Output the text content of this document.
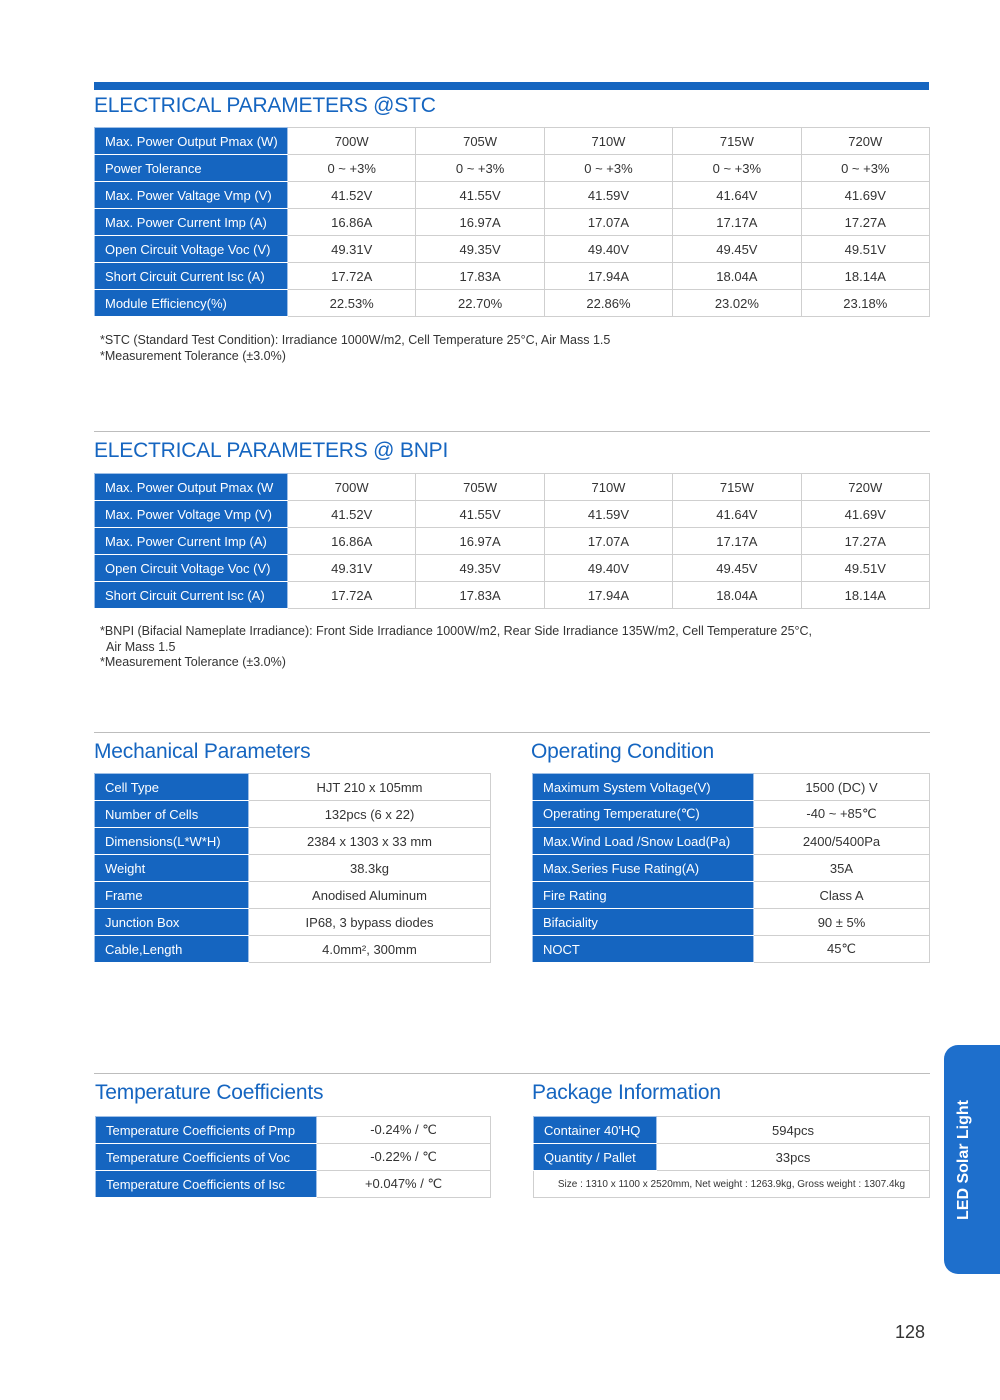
ELECTRICAL PARAMETERS @STC
Max. Power Output Pmax (W)	700W	705W	710W	715W	720W
Power Tolerance	0 ~ +3%	0 ~ +3%	0 ~ +3%	0 ~ +3%	0 ~ +3%
Max. Power Valtage Vmp (V)	41.52V	41.55V	41.59V	41.64V	41.69V
Max. Power Current Imp (A)	16.86A	16.97A	17.07A	17.17A	17.27A
Open Circuit Voltage Voc (V)	49.31V	49.35V	49.40V	49.45V	49.51V
Short Circuit Current Isc (A)	17.72A	17.83A	17.94A	18.04A	18.14A
Module Efficiency(%)	22.53%	22.70%	22.86%	23.02%	23.18%
*STC (Standard Test Condition): Irradiance 1000W/m2, Cell Temperature 25°C, Air Mass 1.5
*Measurement Tolerance (±3.0%)
ELECTRICAL PARAMETERS @ BNPI
Max. Power Output Pmax (W	700W	705W	710W	715W	720W
Max. Power Voltage Vmp (V)	41.52V	41.55V	41.59V	41.64V	41.69V
Max. Power Current Imp (A)	16.86A	16.97A	17.07A	17.17A	17.27A
Open Circuit Voltage Voc (V)	49.31V	49.35V	49.40V	49.45V	49.51V
Short Circuit Current Isc (A)	17.72A	17.83A	17.94A	18.04A	18.14A
*BNPI (Bifacial Nameplate Irradiance): Front Side Irradiance 1000W/m2, Rear Side Irradiance 135W/m2, Cell Temperature 25°C,
Air Mass 1.5
*Measurement Tolerance (±3.0%)
Mechanical Parameters
Cell Type	HJT 210 x 105mm
Number of Cells	132pcs (6 x 22)
Dimensions(L*W*H)	2384 x 1303 x 33 mm
Weight	38.3kg
Frame	Anodised Aluminum
Junction Box	IP68, 3 bypass diodes
Cable,Length	4.0mm², 300mm
Operating Condition
Maximum System Voltage(V)	1500 (DC) V
Operating Temperature(℃)	-40 ~ +85℃
Max.Wind Load /Snow Load(Pa)	2400/5400Pa
Max.Series Fuse Rating(A)	35A
Fire Rating	Class A
Bifaciality	90 ± 5%
NOCT	45℃
Temperature Coefficients
Temperature Coefficients of Pmp	-0.24% / ℃
Temperature Coefficients of Voc	-0.22% / ℃
Temperature Coefficients of Isc	+0.047% / ℃
Package Information
Container 40'HQ	594pcs
Quantity / Pallet	33pcs
Size : 1310 x 1100 x 2520mm, Net weight : 1263.9kg, Gross weight : 1307.4kg		LED Solar Light
128
